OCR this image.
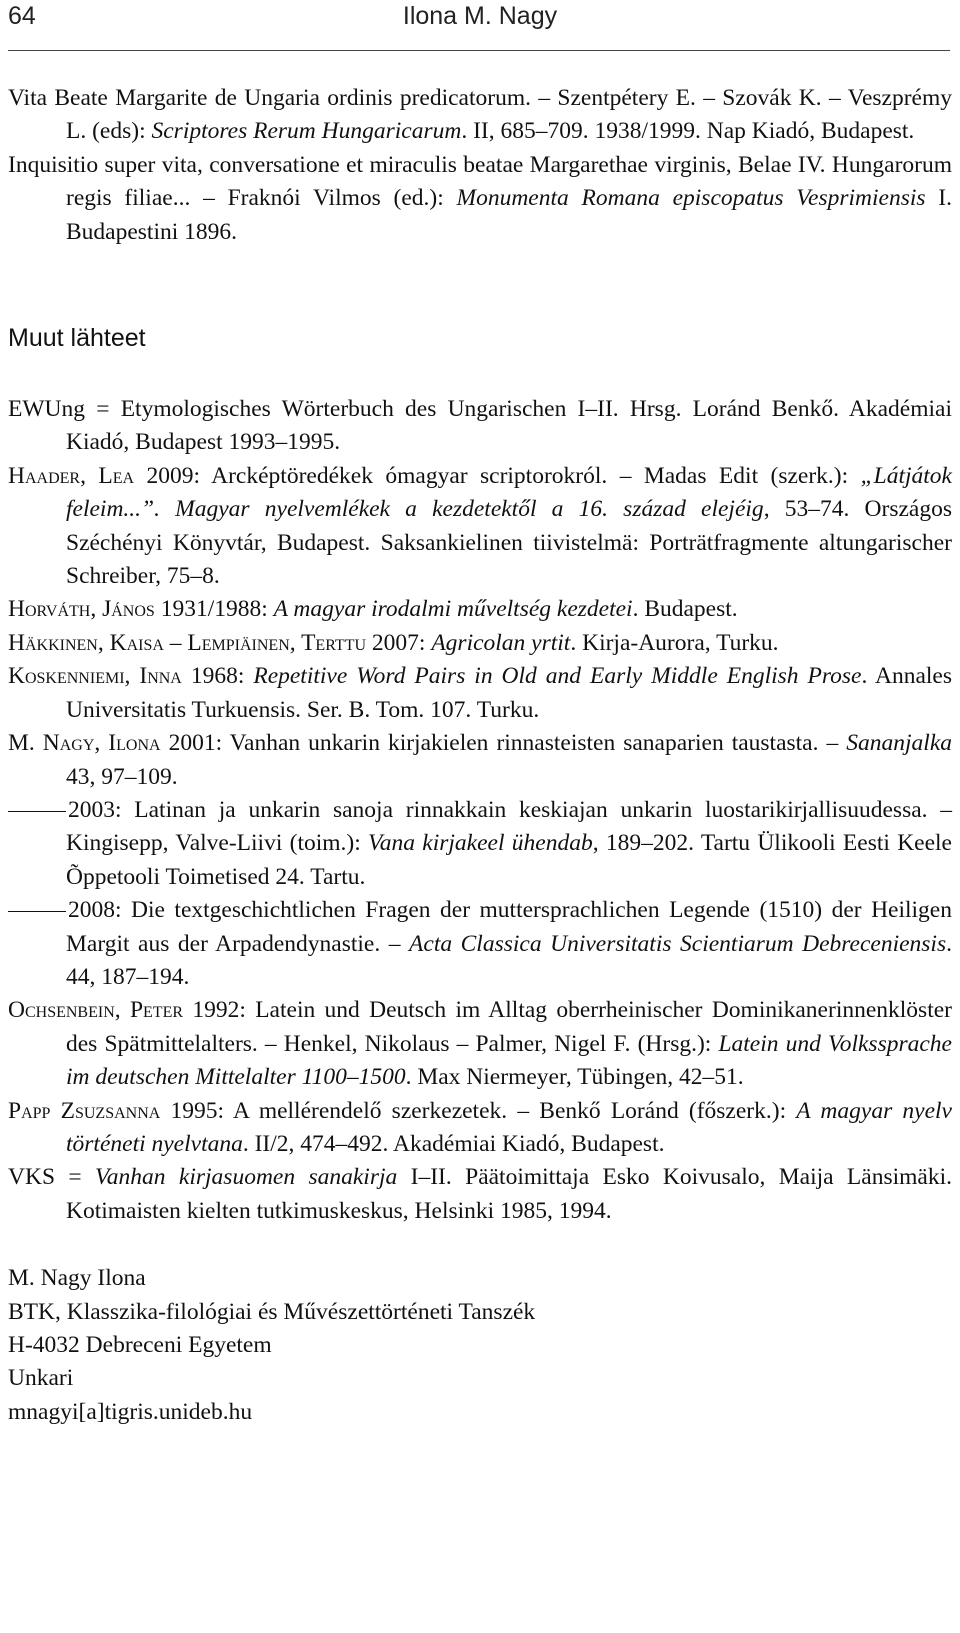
64	Ilona M. Nagy

Vita Beate Margarite de Ungaria ordinis predicatorum. – Szentpétery E. – Szovák K. – Veszprémy L. (eds): Scriptores Rerum Hungaricarum. II, 685–709. 1938/1999. Nap Kiadó, Budapest.

Inquisitio super vita, conversatione et miraculis beatae Margarethae virginis, Belae IV. Hungarorum regis filiae... – Fraknói Vilmos (ed.): Monumenta Romana episcopatus Vesprimiensis I. Budapestini 1896.

Muut lähteet

EWUng = Etymologisches Wörterbuch des Ungarischen I–II. Hrsg. Loránd Benkő. Akadémiai Kiadó, Budapest 1993–1995.

Haader, Lea 2009: Arcképtöredékek ómagyar scriptorokról. – Madas Edit (szerk.): „Látjátok feleim...”. Magyar nyelvemlékek a kezdetektől a 16. század elejéig, 53–74. Országos Széchényi Könyvtár, Budapest. Saksankielinen tiivistelmä: Porträtfragmente altungarischer Schreiber, 75–8.

Horváth, János 1931/1988: A magyar irodalmi műveltség kezdetei. Budapest.

Häkkinen, Kaisa – Lempiäinen, Terttu 2007: Agricolan yrtit. Kirja-Aurora, Turku.

Koskenniemi, Inna 1968: Repetitive Word Pairs in Old and Early Middle English Prose. Annales Universitatis Turkuensis. Ser. B. Tom. 107. Turku.

M. Nagy, Ilona 2001: Vanhan unkarin kirjakielen rinnasteisten sanaparien taustasta. – Sananjalka 43, 97–109.

2003: Latinan ja unkarin sanoja rinnakkain keskiajan unkarin luostarikirjallisuudessa. – Kingisepp, Valve-Liivi (toim.): Vana kirjakeel ühendab, 189–202. Tartu Ülikooli Eesti Keele Õppetooli Toimetised 24. Tartu.

2008: Die textgeschichtlichen Fragen der muttersprachlichen Legende (1510) der Heiligen Margit aus der Arpadendynastie. – Acta Classica Universitatis Scientiarum Debreceniensis. 44, 187–194.

Ochsenbein, Peter 1992: Latein und Deutsch im Alltag oberrheinischer Dominikanerinnenklöster des Spätmittelalters. – Henkel, Nikolaus – Palmer, Nigel F. (Hrsg.): Latein und Volkssprache im deutschen Mittelalter 1100–1500. Max Niermeyer, Tübingen, 42–51.

Papp Zsuzsanna 1995: A mellérendelő szerkezetek. – Benkő Loránd (főszerk.): A magyar nyelv történeti nyelvtana. II/2, 474–492. Akadémiai Kiadó, Budapest.

VKS = Vanhan kirjasuomen sanakirja I–II. Päätoimittaja Esko Koivusalo, Maija Länsimäki. Kotimaisten kielten tutkimuskeskus, Helsinki 1985, 1994.

M. Nagy Ilona

BTK, Klasszika-filológiai és Művészettörténeti Tanszék

H-4032 Debreceni Egyetem

Unkari

mnagyi[a]tigris.unideb.hu
